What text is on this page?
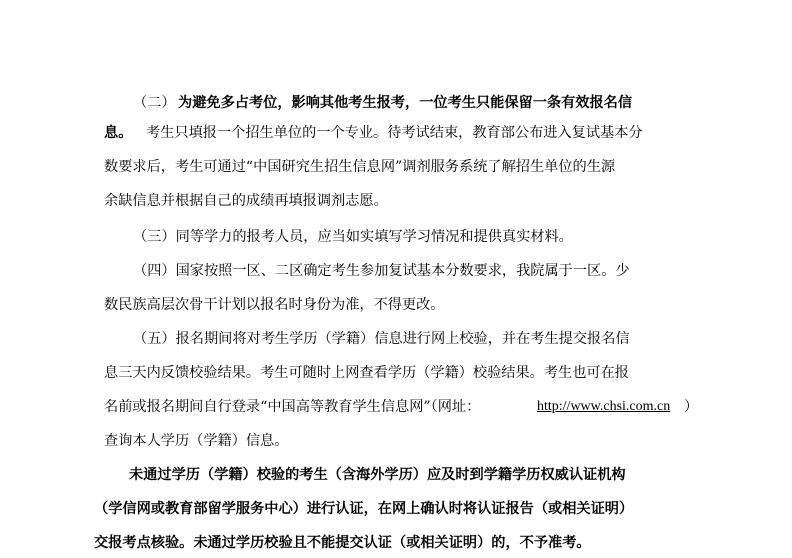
（二） 为避免多占考位，影响其他考生报考，一位考生只能保留一条有效报名信
息。 考生只填报一个招生单位的一个专业。待考试结束，教育部公布进入复试基本分
数要求后，考生可通过“中国研究生招生信息网”调剂服务系统了解招生单位的生源
余缺信息并根据自己的成绩再填报调剂志愿。
（三）同等学力的报考人员，应当如实填写学习情况和提供真实材料。
（四）国家按照一区、二区确定考生参加复试基本分数要求，我院属于一区。少
数民族高层次骨干计划以报名时身份为准，不得更改。
（五）报名期间将对考生学历（学籍）信息进行网上校验，并在考生提交报名信
息三天内反馈校验结果。考生可随时上网查看学历（学籍）校验结果。考生也可在报
名前或报名期间自行登录“中国高等教育学生信息网”（网址：	http://www.chsi.com.cn ）
查询本人学历（学籍）信息。
未通过学历（学籍）校验的考生（含海外学历）应及时到学籍学历权威认证机构
（学信网或教育部留学服务中心）进行认证，在网上确认时将认证报告（或相关证明）
交报考点核验。未通过学历校验且不能提交认证（或相关证明）的，不予准考。
